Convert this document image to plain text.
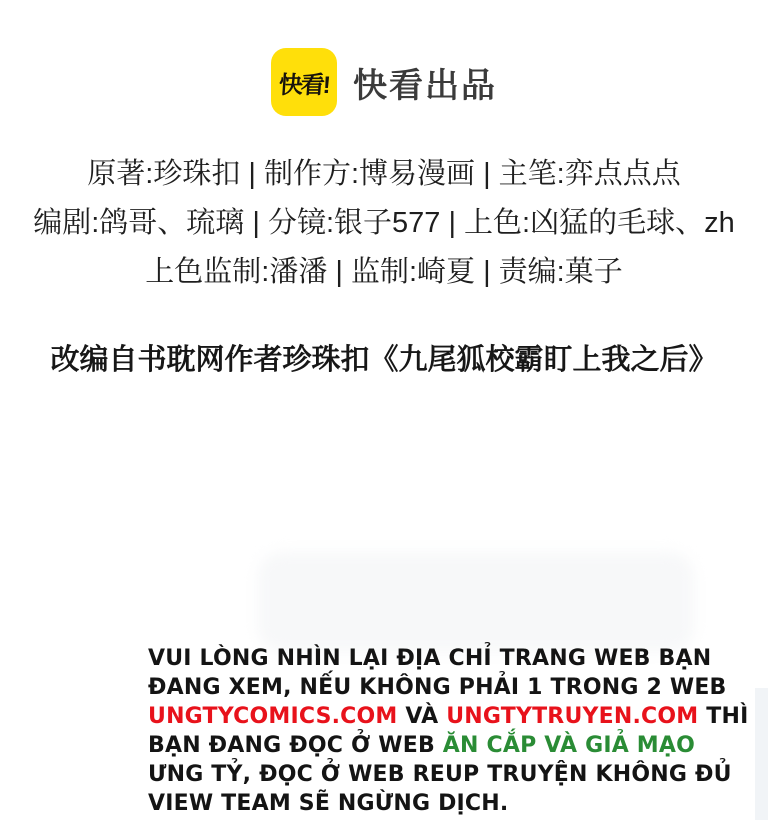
快看! 快看出品
原著:珍珠扣 | 制作方:博易漫画 | 主笔:弈点点点
编剧:鸽哥、琉璃 | 分镜:银子577 | 上色:凶猛的毛球、zh
上色监制:潘潘 | 监制:崎夏 | 责编:菓子
改编自书耽网作者珍珠扣《九尾狐校霸盯上我之后》
VUI LÒNG NHÌN LẠI ĐỊA CHỈ TRANG WEB BẠN
ĐANG XEM, NẾU KHÔNG PHẢI 1 TRONG 2 WEB
UNGTYCOMICS.COM VÀ UNGTYTRUYEN.COM THÌ
BẠN ĐANG ĐỌC Ở WEB ĂN CẮP VÀ GIẢ MẠO
ƯNG TỶ, ĐỌC Ở WEB REUP TRUYỆN KHÔNG ĐỦ
VIEW TEAM SẼ NGỪNG DỊCH.
